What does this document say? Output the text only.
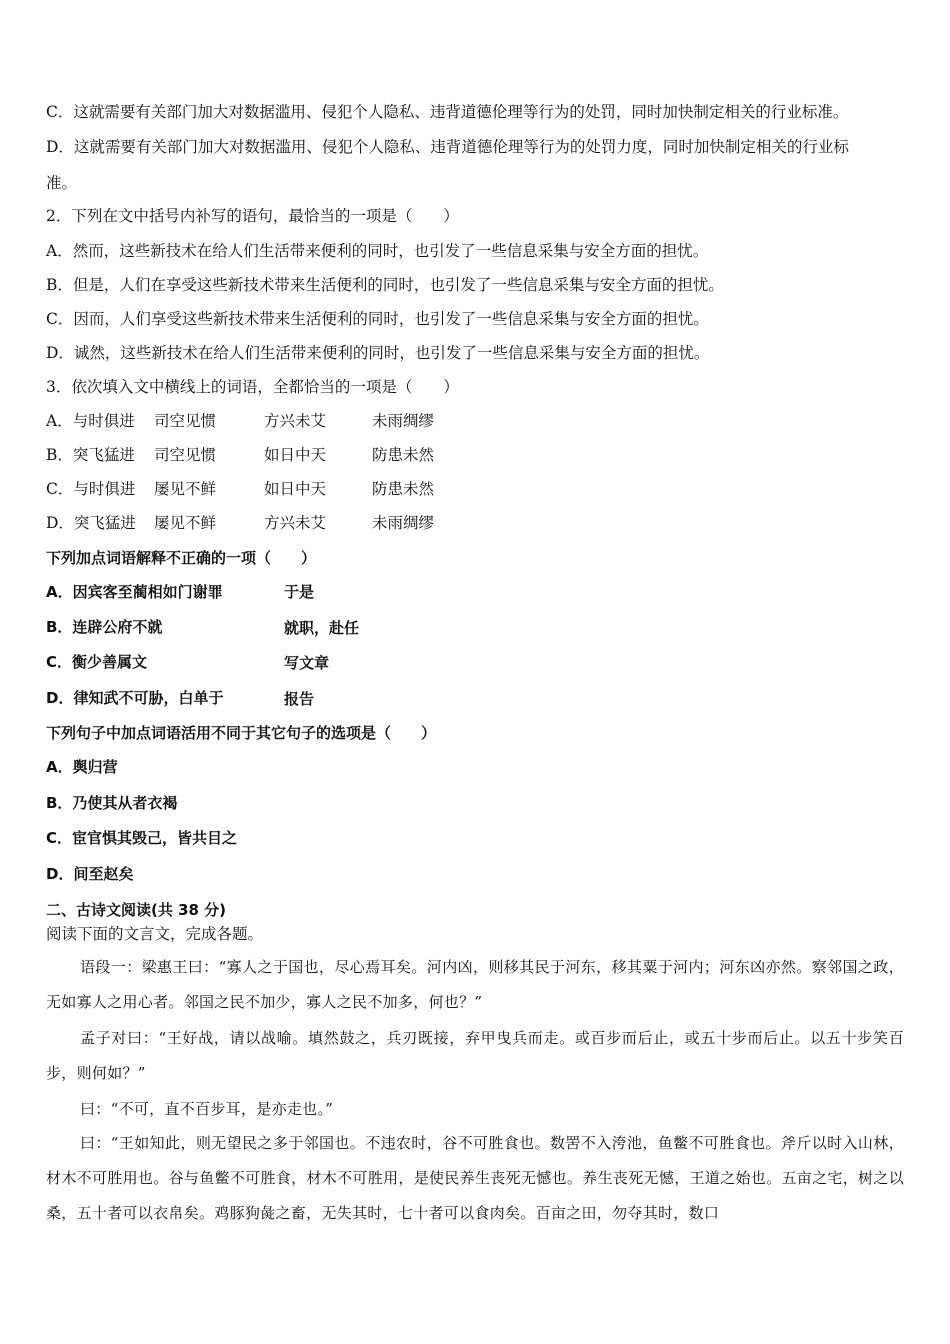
C．这就需要有关部门加大对数据滥用、侵犯个人隐私、违背道德伦理等行为的处罚，同时加快制定相关的行业标准。
D．这就需要有关部门加大对数据滥用、侵犯个人隐私、违背道德伦理等行为的处罚力度，同时加快制定相关的行业标
准。
2．下列在文中括号内补写的语句，最恰当的一项是（　　）
A．然而，这些新技术在给人们生活带来便利的同时，也引发了一些信息采集与安全方面的担忧。
B．但是，人们在享受这些新技术带来生活便利的同时，也引发了一些信息采集与安全方面的担忧。
C．因而，人们享受这些新技术带来生活便利的同时，也引发了一些信息采集与安全方面的担忧。
D．诚然，这些新技术在给人们生活带来便利的同时，也引发了一些信息采集与安全方面的担忧。
3．依次填入文中横线上的词语，全都恰当的一项是（　　）
A．与时俱进 司空见惯	方兴未艾	未雨绸缪
B．突飞猛进 司空见惯	如日中天	防患未然
C．与时俱进 屡见不鲜	如日中天	防患未然
D．突飞猛进 屡见不鲜	方兴未艾	未雨绸缪
下列加点词语解释不正确的一项（　　）
A．因宾客至蔺相如门谢罪	于是
B．连辟公府不就	就职，赴任
C．衡少善属文	写文章
D．律知武不可胁，白单于	报告
下列句子中加点词语活用不同于其它句子的选项是（　　）
A．舆归营
B．乃使其从者衣褐
C．宦官惧其毁己，皆共目之
D．间至赵矣
二、古诗文阅读(共 38 分)
阅读下面的文言文，完成各题。
语段一：梁惠王曰：“寡人之于国也，尽心焉耳矣。河内凶，则移其民于河东，移其粟于河内；河东凶亦然。察邻国之政，无如寡人之用心者。邻国之民不加少，寡人之民不加多，何也？”
孟子对曰：“王好战，请以战喻。填然鼓之，兵刃既接，弃甲曳兵而走。或百步而后止，或五十步而后止。以五十步笑百步，则何如？”
曰：“不可，直不百步耳，是亦走也。”
曰：“王如知此，则无望民之多于邻国也。不违农时，谷不可胜食也。数罟不入洿池，鱼鳖不可胜食也。斧斤以时入山林，材木不可胜用也。谷与鱼鳖不可胜食，材木不可胜用，是使民养生丧死无憾也。养生丧死无憾，王道之始也。五亩之宅，树之以桑，五十者可以衣帛矣。鸡豚狗彘之畜，无失其时，七十者可以食肉矣。百亩之田，勿夺其时，数口
